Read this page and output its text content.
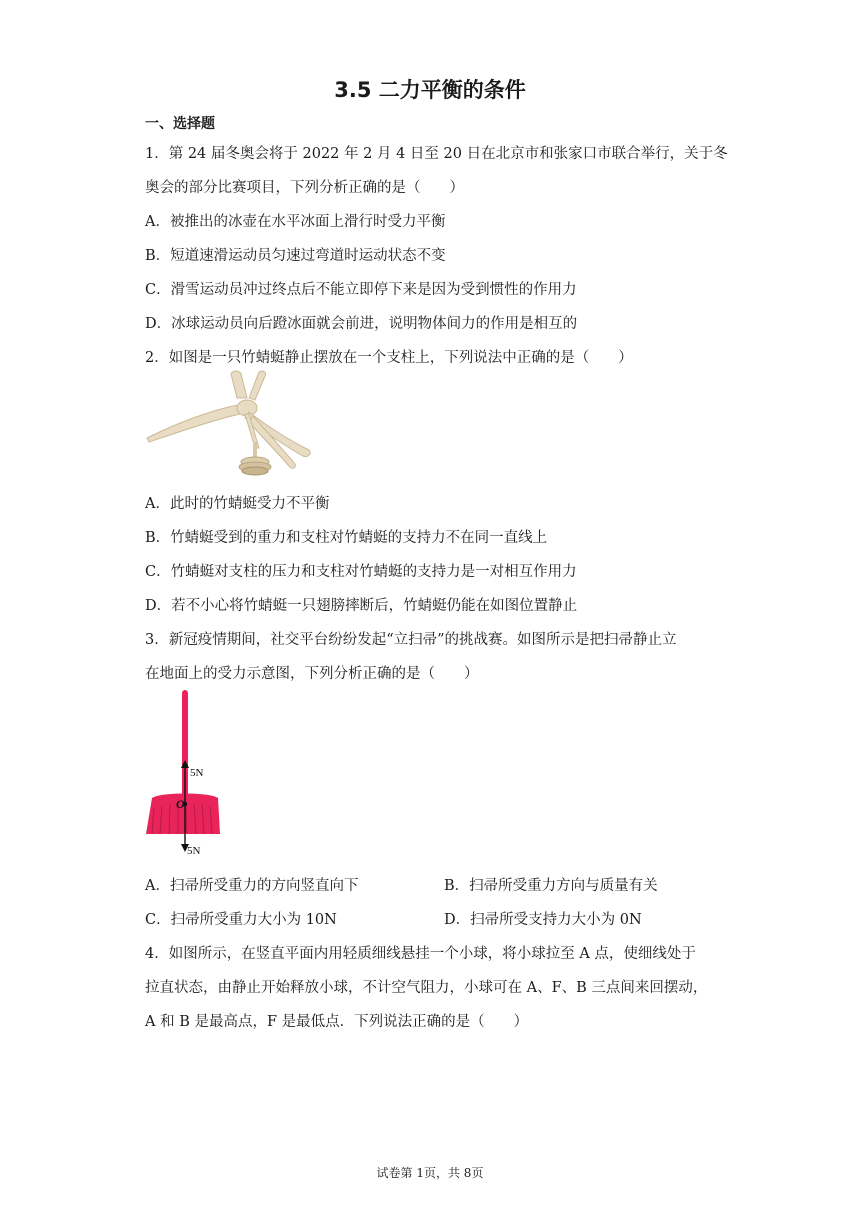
3.5 二力平衡的条件
一、选择题
1．第 24 届冬奥会将于 2022 年 2 月 4 日至 20 日在北京市和张家口市联合举行，关于冬
奥会的部分比赛项目，下列分析正确的是（　　）
A．被推出的冰壶在水平冰面上滑行时受力平衡
B．短道速滑运动员匀速过弯道时运动状态不变
C．滑雪运动员冲过终点后不能立即停下来是因为受到惯性的作用力
D．冰球运动员向后蹬冰面就会前进，说明物体间力的作用是相互的
2．如图是一只竹蜻蜓静止摆放在一个支柱上，下列说法中正确的是（　　）
A．此时的竹蜻蜓受力不平衡
B．竹蜻蜓受到的重力和支柱对竹蜻蜓的支持力不在同一直线上
C．竹蜻蜓对支柱的压力和支柱对竹蜻蜓的支持力是一对相互作用力
D．若不小心将竹蜻蜓一只翅膀摔断后，竹蜻蜓仍能在如图位置静止
3．新冠疫情期间，社交平台纷纷发起“立扫帚”的挑战赛。如图所示是把扫帚静止立
在地面上的受力示意图，下列分析正确的是（　　）
5N
O
5N
A．扫帚所受重力的方向竖直向下	B．扫帚所受重力方向与质量有关
C．扫帚所受重力大小为 10N	D．扫帚所受支持力大小为 0N
4．如图所示，在竖直平面内用轻质细线悬挂一个小球，将小球拉至 A 点，使细线处于
拉直状态，由静止开始释放小球，不计空气阻力，小球可在 A、F、B 三点间来回摆动，
A 和 B 是最高点，F 是最低点．下列说法正确的是（　　）
试卷第 1页，共 8页
